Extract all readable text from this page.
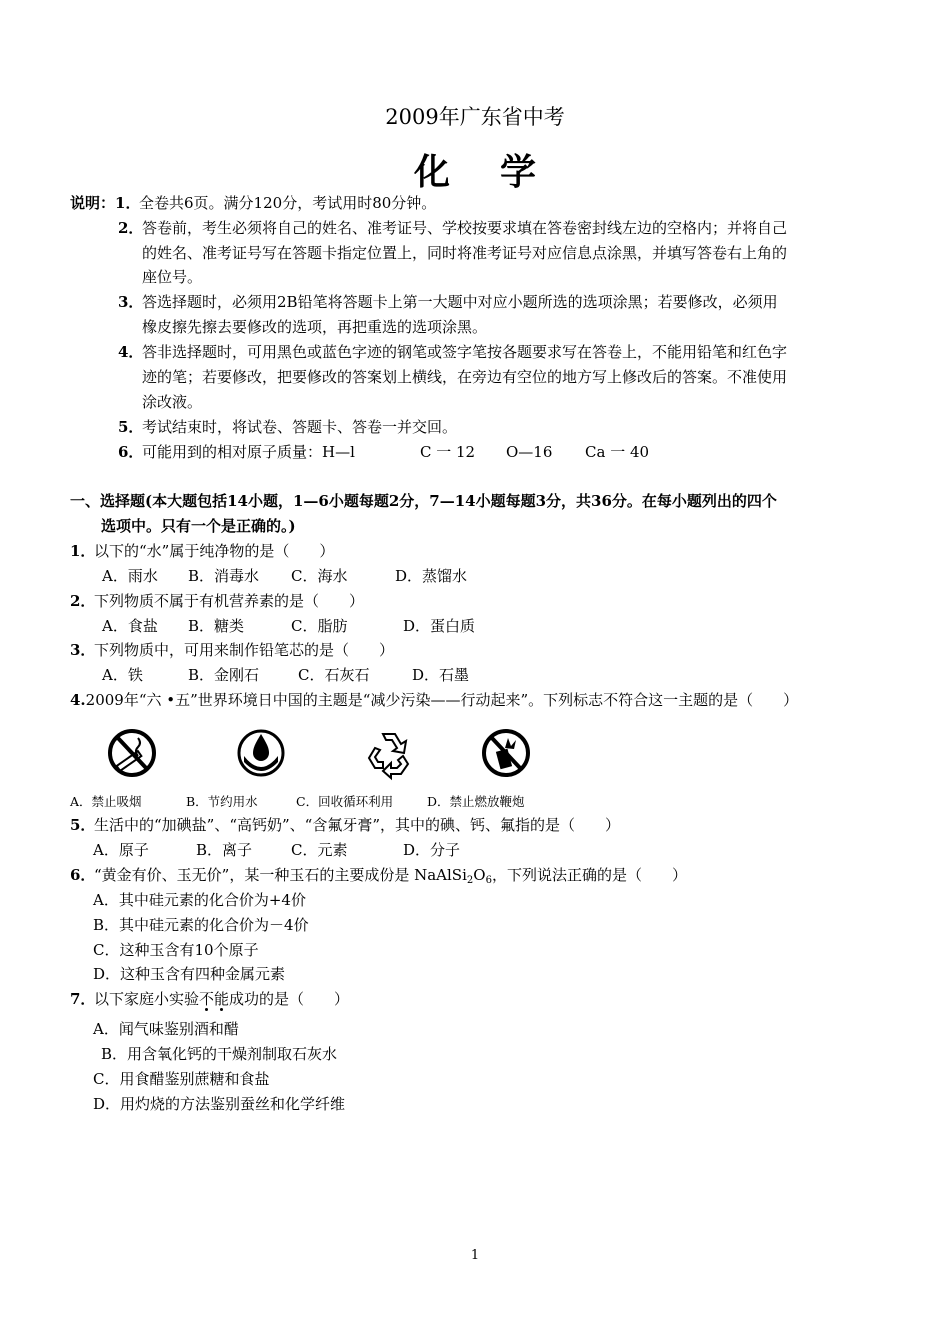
2009年广东省中考
化学
说明：1．全卷共6页。满分120分，考试用时80分钟。
2．答卷前，考生必须将自己的姓名、准考证号、学校按要求填在答卷密封线左边的空格内；并将自己
的姓名、准考证号写在答题卡指定位置上，同时将准考证号对应信息点涂黑，并填写答卷右上角的
座位号。
3．答选择题时，必须用2B铅笔将答题卡上第一大题中对应小题所选的选项涂黑；若要修改，必须用
橡皮擦先擦去要修改的选项，再把重选的选项涂黑。
4．答非选择题时，可用黑色或蓝色字迹的钢笔或签字笔按各题要求写在答卷上，不能用铅笔和红色字
迹的笔；若要修改，把要修改的答案划上横线，在旁边有空位的地方写上修改后的答案。不准使用
涂改液。
5．考试结束时，将试卷、答题卡、答卷一并交回。
6．可能用到的相对原子质量：H—l	C 一 12 O—16 Ca 一 40
一、选择题(本大题包括14小题，1—6小题每题2分，7—14小题每题3分，共36分。在每小题列出的四个
选项中。只有一个是正确的。)
1．以下的“水”属于纯净物的是（　　）
A．雨水 B．消毒水 C．海水	D．蒸馏水
2．下列物质不属于有机营养素的是（　　）
A．食盐 B．糖类	C．脂肪	D．蛋白质
3．下列物质中，可用来制作铅笔芯的是（　　）
A．铁	B．金刚石	C．石灰石	D．石墨
4.2009年“六 •五”世界环境日中国的主题是“减少污染——行动起来”。下列标志不符合这一主题的是（　　）
A．禁止吸烟	B．节约用水	C．回收循环利用	D．禁止燃放鞭炮
5．生活中的“加碘盐”、“高钙奶”、“含氟牙膏”，其中的碘、钙、氟指的是（　　）
A．原子	B．离子	C．元素	D．分子
6．“黄金有价、玉无价”，某一种玉石的主要成份是 $NaAlSi_2O_6$，下列说法正确的是（　　）
A．其中硅元素的化合价为+4价
B．其中硅元素的化合价为－4价
C．这种玉含有10个原子
D．这种玉含有四种金属元素
7．以下家庭小实验不能成功的是（　　）
A．闻气味鉴别酒和醋
B．用含氧化钙的干燥剂制取石灰水
C．用食醋鉴别蔗糖和食盐
D．用灼烧的方法鉴别蚕丝和化学纤维
1
